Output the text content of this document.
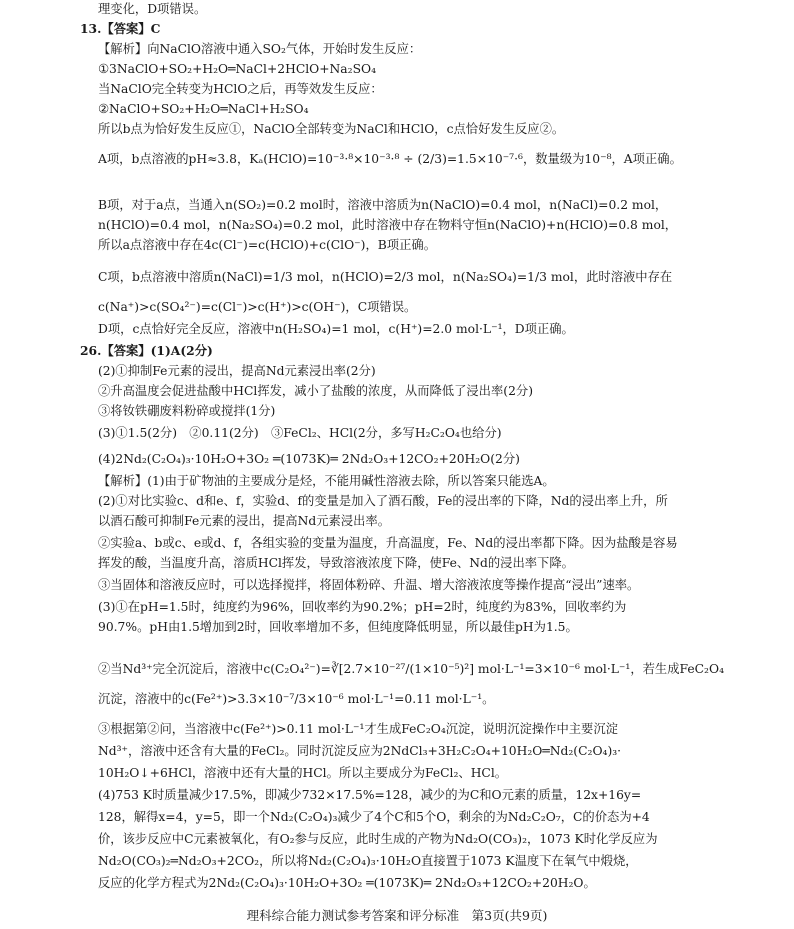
理变化，D项错误。
13.【答案】C
【解析】向NaClO溶液中通入SO₂气体，开始时发生反应：
①3NaClO+SO₂+H₂O═NaCl+2HClO+Na₂SO₄
当NaClO完全转变为HClO之后，再等效发生反应：
②NaClO+SO₂+H₂O═NaCl+H₂SO₄
所以b点为恰好发生反应①，NaClO全部转变为NaCl和HClO，c点恰好发生反应②。
A项，b点溶液的pH≈3.8，Kₐ(HClO)=10⁻³·⁸×10⁻³·⁸ ÷ (2/3)=1.5×10⁻⁷·⁶，数量级为10⁻⁸，A项正确。
B项，对于a点，当通入n(SO₂)=0.2 mol时，溶液中溶质为n(NaClO)=0.4 mol，n(NaCl)=0.2 mol，
n(HClO)=0.4 mol，n(Na₂SO₄)=0.2 mol，此时溶液中存在物料守恒n(NaClO)+n(HClO)=0.8 mol，
所以a点溶液中存在4c(Cl⁻)=c(HClO)+c(ClO⁻)，B项正确。
C项，b点溶液中溶质n(NaCl)=1/3 mol，n(HClO)=2/3 mol，n(Na₂SO₄)=1/3 mol，此时溶液中存在
c(Na⁺)>c(SO₄²⁻)=c(Cl⁻)>c(H⁺)>c(OH⁻)，C项错误。
D项，c点恰好完全反应，溶液中n(H₂SO₄)=1 mol，c(H⁺)=2.0 mol·L⁻¹，D项正确。
26.【答案】(1)A(2分)
(2)①抑制Fe元素的浸出，提高Nd元素浸出率(2分)
②升高温度会促进盐酸中HCl挥发，减小了盐酸的浓度，从而降低了浸出率(2分)
③将钕铁硼废料粉碎或搅拌(1分)
(3)①1.5(2分)　②0.11(2分)　③FeCl₂、HCl(2分，多写H₂C₂O₄也给分)
(4)2Nd₂(C₂O₄)₃·10H₂O+3O₂ ═(1073K)═ 2Nd₂O₃+12CO₂+20H₂O(2分)
【解析】(1)由于矿物油的主要成分是烃，不能用碱性溶液去除，所以答案只能选A。
(2)①对比实验c、d和e、f，实验d、f的变量是加入了酒石酸，Fe的浸出率的下降，Nd的浸出率上升，所
以酒石酸可抑制Fe元素的浸出，提高Nd元素浸出率。
②实验a、b或c、e或d、f，各组实验的变量为温度，升高温度，Fe、Nd的浸出率都下降。因为盐酸是容易
挥发的酸，当温度升高，溶质HCl挥发，导致溶液浓度下降，使Fe、Nd的浸出率下降。
③当固体和溶液反应时，可以选择搅拌，将固体粉碎、升温、增大溶液浓度等操作提高“浸出”速率。
(3)①在pH=1.5时，纯度约为96%，回收率约为90.2%；pH=2时，纯度约为83%，回收率约为
90.7%。pH由1.5增加到2时，回收率增加不多，但纯度降低明显，所以最佳pH为1.5。
②当Nd³⁺完全沉淀后，溶液中c(C₂O₄²⁻)=∛[2.7×10⁻²⁷/(1×10⁻⁵)²] mol·L⁻¹=3×10⁻⁶ mol·L⁻¹，若生成FeC₂O₄
沉淀，溶液中的c(Fe²⁺)>3.3×10⁻⁷/3×10⁻⁶ mol·L⁻¹=0.11 mol·L⁻¹。
③根据第②问，当溶液中c(Fe²⁺)>0.11 mol·L⁻¹才生成FeC₂O₄沉淀，说明沉淀操作中主要沉淀
Nd³⁺，溶液中还含有大量的FeCl₂。同时沉淀反应为2NdCl₃+3H₂C₂O₄+10H₂O═Nd₂(C₂O₄)₃·
10H₂O↓+6HCl，溶液中还有大量的HCl。所以主要成分为FeCl₂、HCl。
(4)753 K时质量减少17.5%，即减少732×17.5%=128，减少的为C和O元素的质量，12x+16y=
128，解得x=4，y=5，即一个Nd₂(C₂O₄)₃减少了4个C和5个O，剩余的为Nd₂C₂O₇，C的价态为+4
价，该步反应中C元素被氧化，有O₂参与反应，此时生成的产物为Nd₂O(CO₃)₂，1073 K时化学反应为
Nd₂O(CO₃)₂═Nd₂O₃+2CO₂，所以将Nd₂(C₂O₄)₃·10H₂O直接置于1073 K温度下在氧气中煅烧，
反应的化学方程式为2Nd₂(C₂O₄)₃·10H₂O+3O₂ ═(1073K)═ 2Nd₂O₃+12CO₂+20H₂O。
理科综合能力测试参考答案和评分标准　第3页(共9页)
